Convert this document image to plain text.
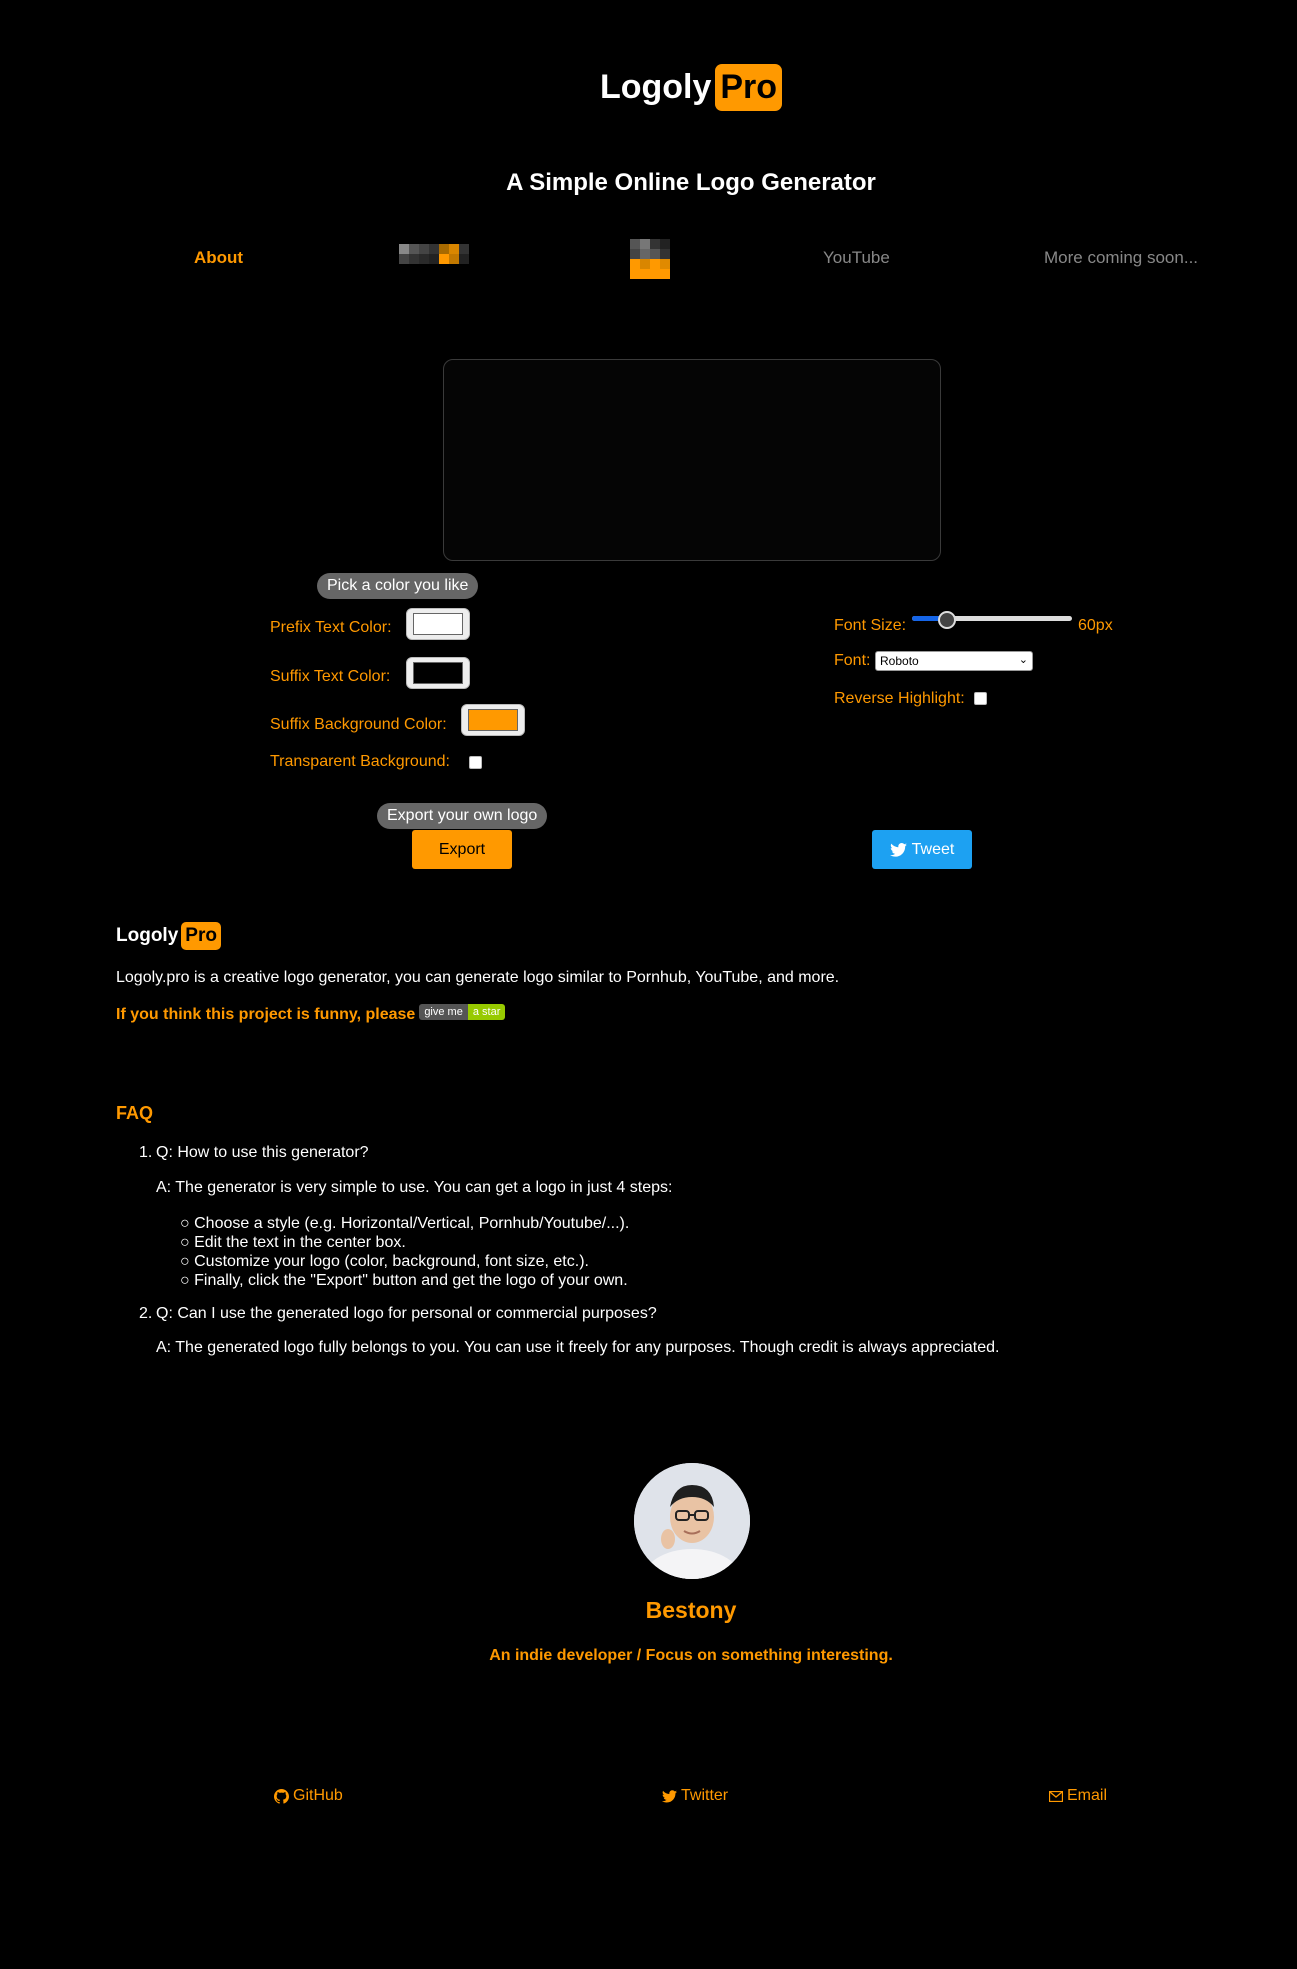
Logoly Pro
A Simple Online Logo Generator
About	YouTube	More coming soon...
Pick a color you like
Prefix Text Color:
Suffix Text Color:
Suffix Background Color:
Transparent Background:
Font Size:	60px
Font: Roboto	⌄
Reverse Highlight:
Export your own logo
Export	Tweet
Logoly Pro
Logoly.pro is a creative logo generator, you can generate logo similar to Pornhub, YouTube, and more.
If you think this project is funny, please give me a star
FAQ
1. Q: How to use this generator?
A: The generator is very simple to use. You can get a logo in just 4 steps:
○ Choose a style (e.g. Horizontal/Vertical, Pornhub/Youtube/...).
○ Edit the text in the center box.
○ Customize your logo (color, background, font size, etc.).
○ Finally, click the "Export" button and get the logo of your own.
2. Q: Can I use the generated logo for personal or commercial purposes?
A: The generated logo fully belongs to you. You can use it freely for any purposes. Though credit is always appreciated.
Bestony
An indie developer / Focus on something interesting.
GitHub	Twitter	Email
